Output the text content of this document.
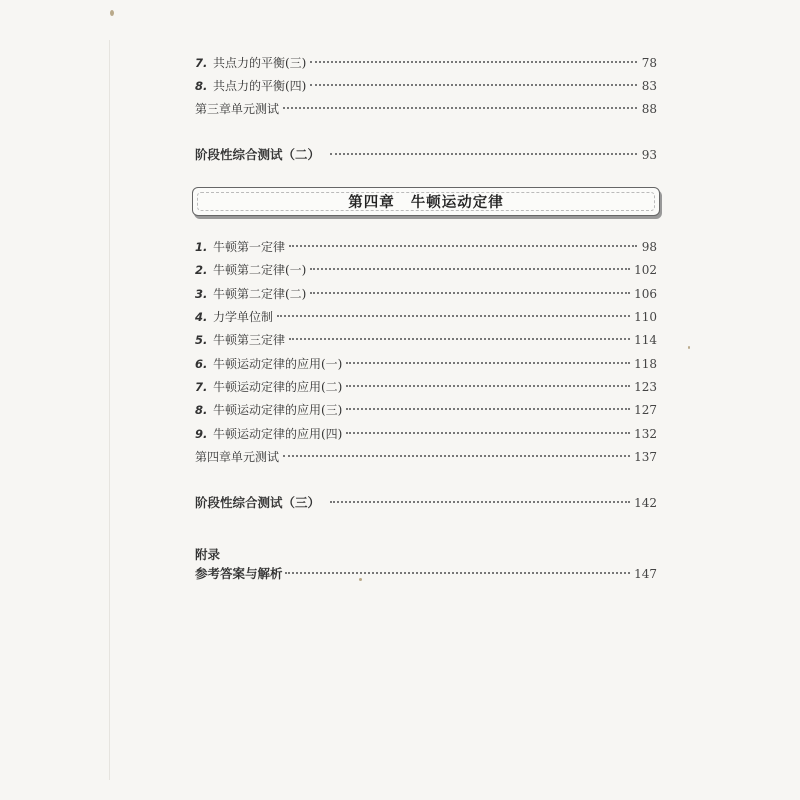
7. 共点力的平衡(三)	78
8. 共点力的平衡(四)	83
第三章单元测试	88
阶段性综合测试（二）	93
第四章 牛顿运动定律
1. 牛顿第一定律	98
2. 牛顿第二定律(一)	102
3. 牛顿第二定律(二)	106
4. 力学单位制	110
5. 牛顿第三定律	114
6. 牛顿运动定律的应用(一)	118
7. 牛顿运动定律的应用(二)	123
8. 牛顿运动定律的应用(三)	127
9. 牛顿运动定律的应用(四)	132
第四章单元测试	137
阶段性综合测试（三）	142
附录
参考答案与解析	147
